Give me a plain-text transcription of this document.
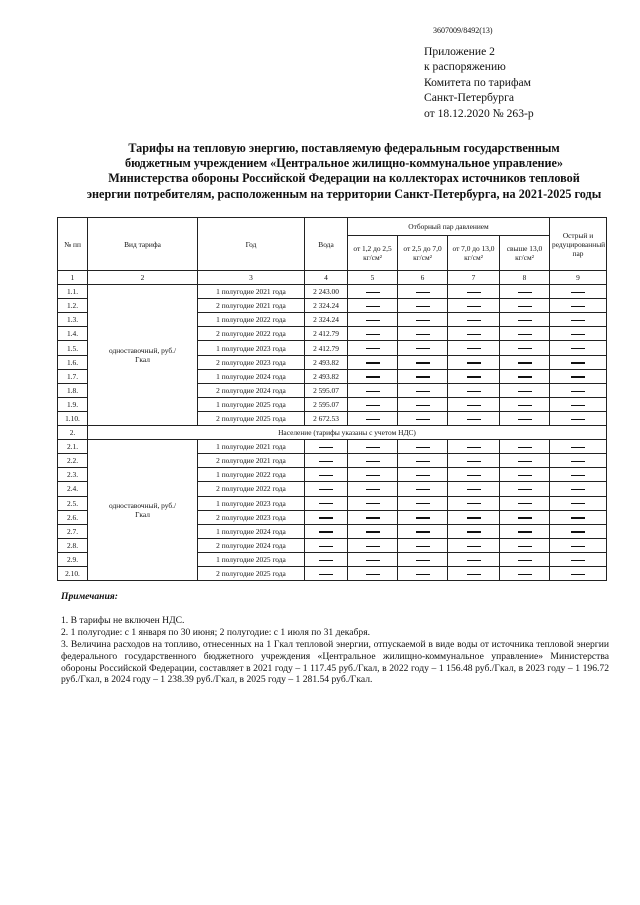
3607009/8492(13)
Приложение 2
к распоряжению
Комитета по тарифам
Санкт-Петербурга
от 18.12.2020 № 263-р
Тарифы на тепловую энергию, поставляемую федеральным государственным
бюджетным учреждением «Центральное жилищно-коммунальное управление»
Министерства обороны Российской Федерации на коллекторах источников тепловой
энергии потребителям, расположенным на территории Санкт-Петербурга, на 2021-2025 годы
№ пп	Вид тарифа	Год	Вода	Отборный пар давлением				Острый и редуцированный пар
				от 1,2 до 2,5 кг/см²	от 2,5 до 7,0 кг/см²	от 7,0 до 13,0 кг/см²	свыше 13,0 кг/см²	
1	2	3	4	5	6	7	8	9
1.1.	одноставочный, руб./Гкал	1 полугодие 2021 года	2 243.00					
1.2.		2 полугодие 2021 года	2 324.24					
1.3.		1 полугодие 2022 года	2 324.24					
1.4.		2 полугодие 2022 года	2 412.79					
1.5.		1 полугодие 2023 года	2 412.79					
1.6.		2 полугодие 2023 года	2 493.82					
1.7.		1 полугодие 2024 года	2 493.82					
1.8.		2 полугодие 2024 года	2 595.07					
1.9.		1 полугодие 2025 года	2 595.07					
1.10.		2 полугодие 2025 года	2 672.53					
2.	Население (тарифы указаны с учетом НДС)							
2.1.	одноставочный, руб./Гкал	1 полугодие 2021 года						
2.2.		2 полугодие 2021 года						
2.3.		1 полугодие 2022 года						
2.4.		2 полугодие 2022 года						
2.5.		1 полугодие 2023 года						
2.6.		2 полугодие 2023 года						
2.7.		1 полугодие 2024 года						
2.8.		2 полугодие 2024 года						
2.9.		1 полугодие 2025 года						
2.10.		2 полугодие 2025 года						
Примечания:

1. В тарифы не включен НДС.

2. 1 полугодие: с 1 января по 30 июня; 2 полугодие: с 1 июля по 31 декабря.

3. Величина расходов на топливо, отнесенных на 1 Гкал тепловой энергии, отпускаемой в виде воды от источника тепловой энергии федерального государственного бюджетного учреждения «Центральное жилищно-коммунальное управление» Министерства обороны Российской Федерации, составляет в 2021 году – 1 117.45 руб./Гкал, в 2022 году – 1 156.48 руб./Гкал, в 2023 году – 1 196.72 руб./Гкал, в 2024 году – 1 238.39 руб./Гкал, в 2025 году – 1 281.54 руб./Гкал.
